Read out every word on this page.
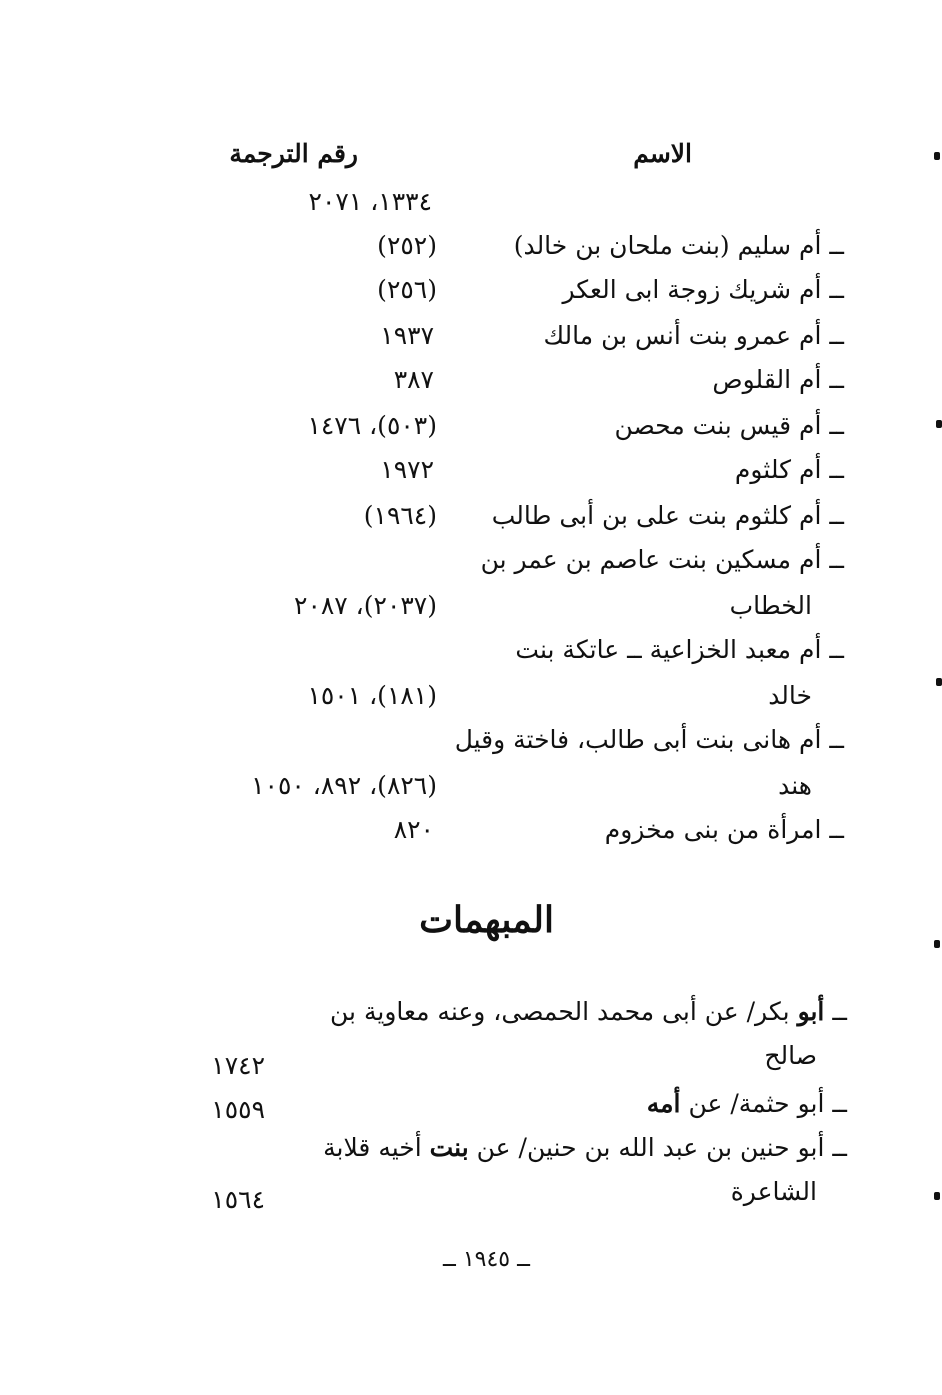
الاسم
رقم الترجمة
ــ أم سليم (بنت ملحان بن خالد)
ــ أم شريك زوجة ابى العكر
ــ أم عمرو بنت أنس بن مالك
ــ أم القلوص
ــ أم قيس بنت محصن
ــ أم كلثوم
ــ أم كلثوم بنت على بن أبى طالب
ــ أم مسكين بنت عاصم بن عمر بن
الخطاب
ــ أم معبد الخزاعية ــ عاتكة بنت
خالد
ــ أم هانى بنت أبى طالب، فاختة وقيل
هند
ــ امرأة من بنى مخزوم
١٣٣٤، ٢٠٧١
(٢٥٢)
(٢٥٦)
١٩٣٧
٣٨٧
(٥٠٣)، ١٤٧٦
١٩٧٢
(١٩٦٤)
(٢٠٣٧)، ٢٠٨٧
(١٨١)، ١٥٠١
(٨٢٦)، ٨٩٢، ١٠٥٠
٨٢٠
المبهمات
ــ أبو بكر/ عن أبى محمد الحمصى، وعنه معاوية بن
صالح
١٧٤٢
ــ أبو حثمة/ عن أمه
١٥٥٩
ــ أبو حنين بن عبد الله بن حنين/ عن بنت أخيه قلابة
الشاعرة
١٥٦٤
ــ ١٩٤٥ ــ
